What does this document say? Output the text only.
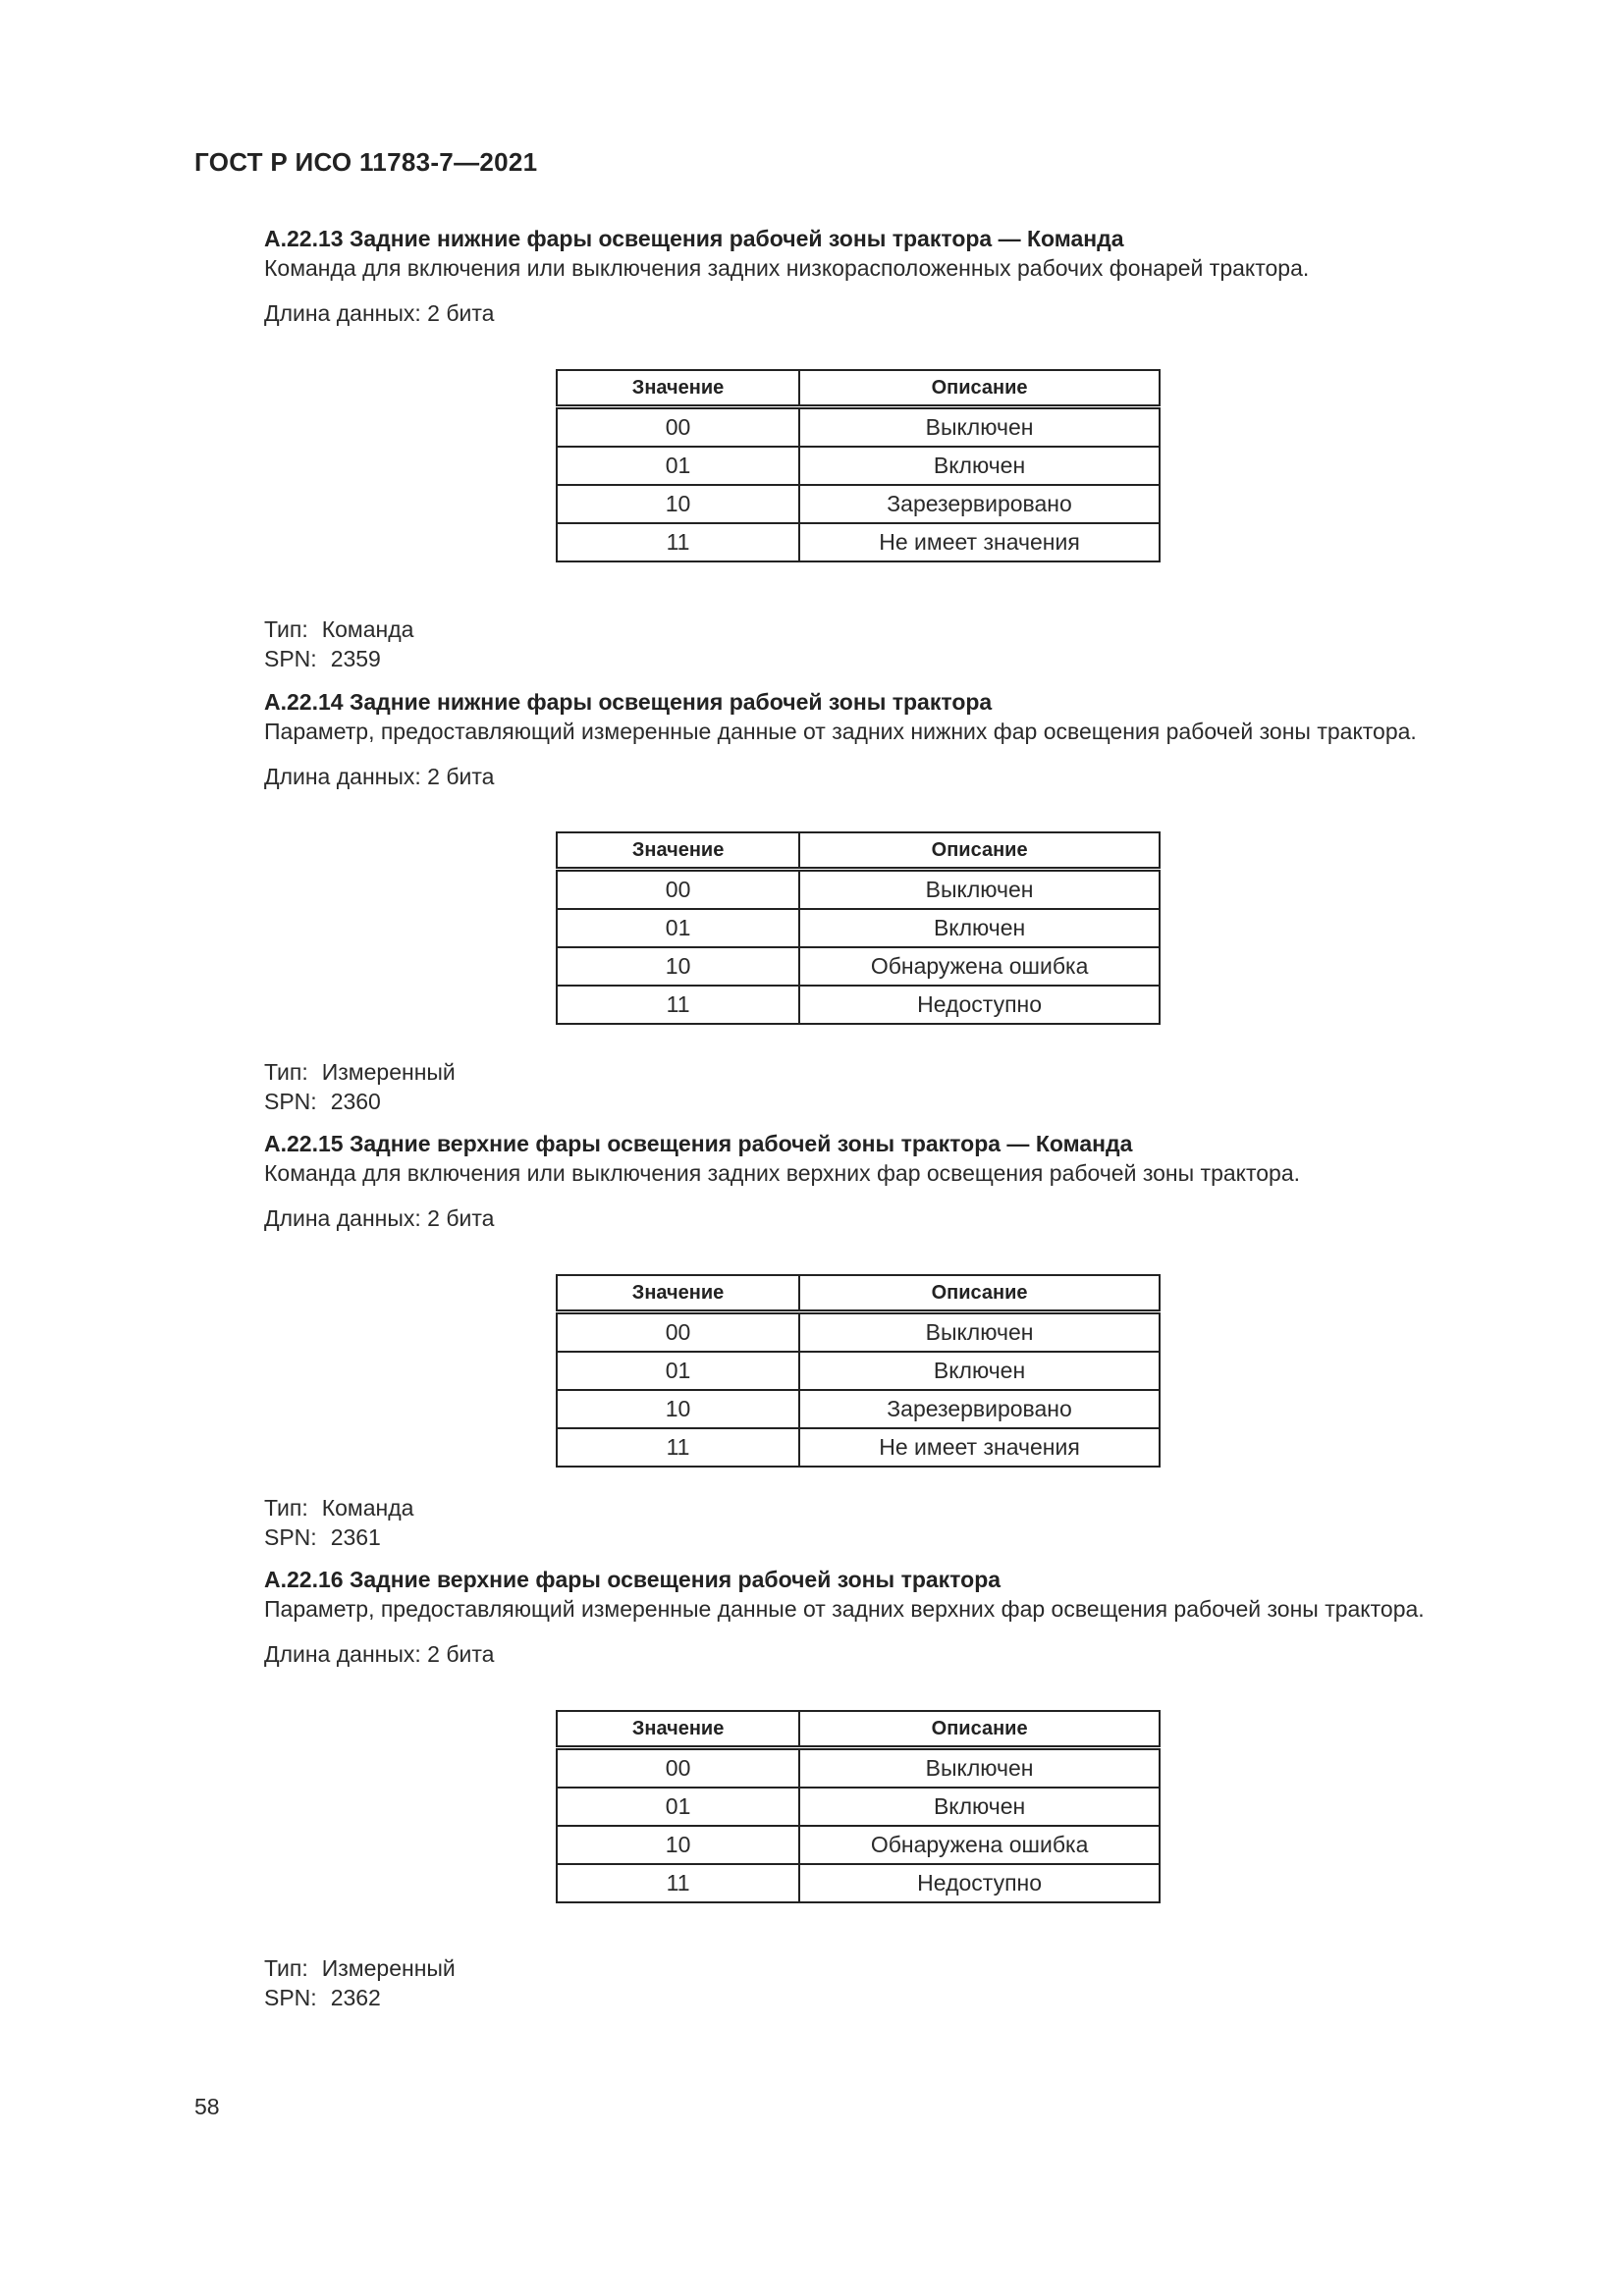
ГОСТ Р ИСО 11783-7—2021
A.22.13 Задние нижние фары освещения рабочей зоны трактора — Команда
Команда для включения или выключения задних низкорасположенных рабочих фонарей трактора.
Длина данных: 2 бита
Значение	Описание
00	Выключен
01	Включен
10	Зарезервировано
11	Не имеет значения
Тип: Команда
SPN: 2359
A.22.14 Задние нижние фары освещения рабочей зоны трактора
Параметр, предоставляющий измеренные данные от задних нижних фар освещения рабочей зоны трактора.
Длина данных: 2 бита
Значение	Описание
00	Выключен
01	Включен
10	Обнаружена ошибка
11	Недоступно
Тип: Измеренный
SPN: 2360
A.22.15 Задние верхние фары освещения рабочей зоны трактора — Команда
Команда для включения или выключения задних верхних фар освещения рабочей зоны трактора.
Длина данных: 2 бита
Значение	Описание
00	Выключен
01	Включен
10	Зарезервировано
11	Не имеет значения
Тип: Команда
SPN: 2361
A.22.16 Задние верхние фары освещения рабочей зоны трактора
Параметр, предоставляющий измеренные данные от задних верхних фар освещения рабочей зоны трактора.
Длина данных: 2 бита
Значение	Описание
00	Выключен
01	Включен
10	Обнаружена ошибка
11	Недоступно
Тип: Измеренный
SPN: 2362
58
